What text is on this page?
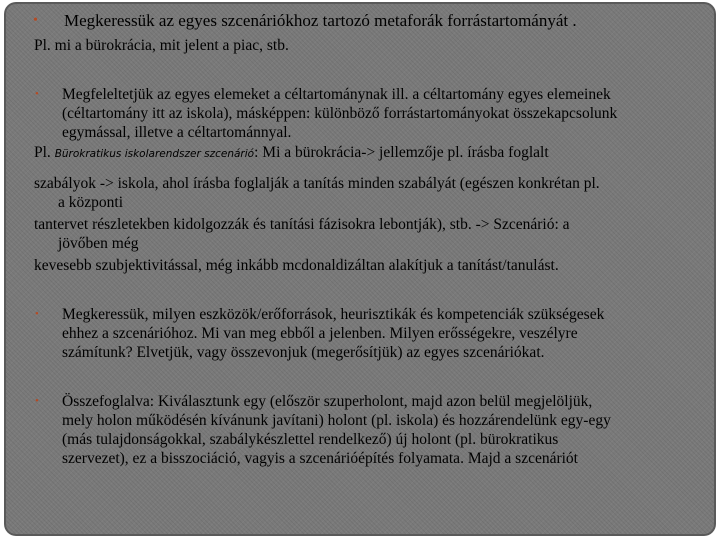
• Megkeressük az egyes szcenáriókhoz tartozó metaforák forrástartományát .

Pl. mi a bürokrácia, mit jelent a piac, stb.

• Megfeleltetjük az egyes elemeket a céltartománynak ill. a céltartomány egyes elemeinek
(céltartomány itt az iskola), másképpen: különböző forrástartományokat összekapcsolunk
egymással, illetve a céltartománnyal.

Pl. Bürokratikus iskolarendszer szcenárió: Mi a bürokrácia-> jellemzője pl. írásba foglalt

szabályok -> iskola, ahol írásba foglalják a tanítás minden szabályát (egészen konkrétan pl.
a központi
tantervet részletekben kidolgozzák és tanítási fázisokra lebontják), stb. -> Szcenárió: a
jövőben még
kevesebb szubjektivitással, még inkább mcdonaldizáltan alakítjuk a tanítást/tanulást.
• Megkeressük, milyen eszközök/erőforrások, heurisztikák és kompetenciák szükségesek
ehhez a szcenárióhoz. Mi van meg ebből a jelenben. Milyen erősségekre, veszélyre
számítunk? Elvetjük, vagy összevonjuk (megerősítjük) az egyes szcenáriókat.
• Összefoglalva: Kiválasztunk egy (először szuperholont, majd azon belül megjelöljük,
mely holon működésén kívánunk javítani) holont (pl. iskola) és hozzárendelünk egy-egy
(más tulajdonságokkal, szabálykészlettel rendelkező) új holont (pl. bürokratikus
szervezet), ez a bisszociáció, vagyis a szcenárióépítés folyamata. Majd a szcenáriót
